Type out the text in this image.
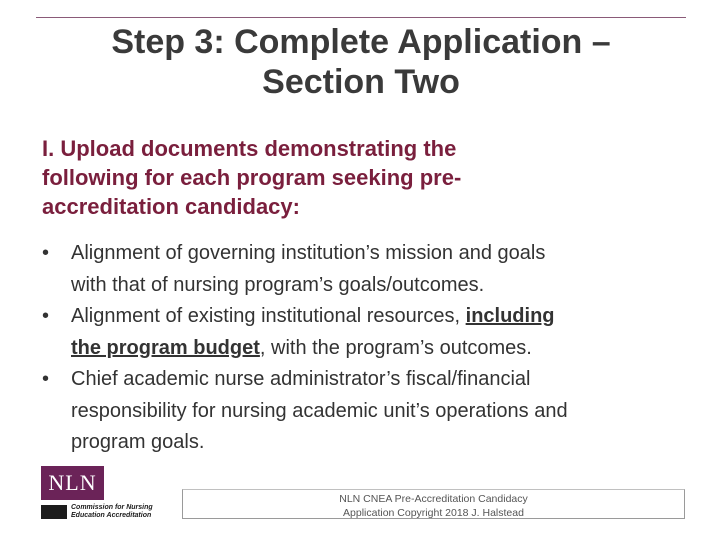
Step 3: Complete Application –
Section Two
I. Upload documents demonstrating the
following for each program seeking pre-
accreditation candidacy:
• Alignment of governing institution’s mission and goals
with that of nursing program’s goals/outcomes.
• Alignment of existing institutional resources, including
the program budget, with the program’s outcomes.
• Chief academic nurse administrator’s fiscal/financial
responsibility for nursing academic unit’s operations and
program goals.
NLN
Commission for Nursing
Education Accreditation
NLN CNEA Pre-Accreditation Candidacy
Application Copyright 2018 J. Halstead
